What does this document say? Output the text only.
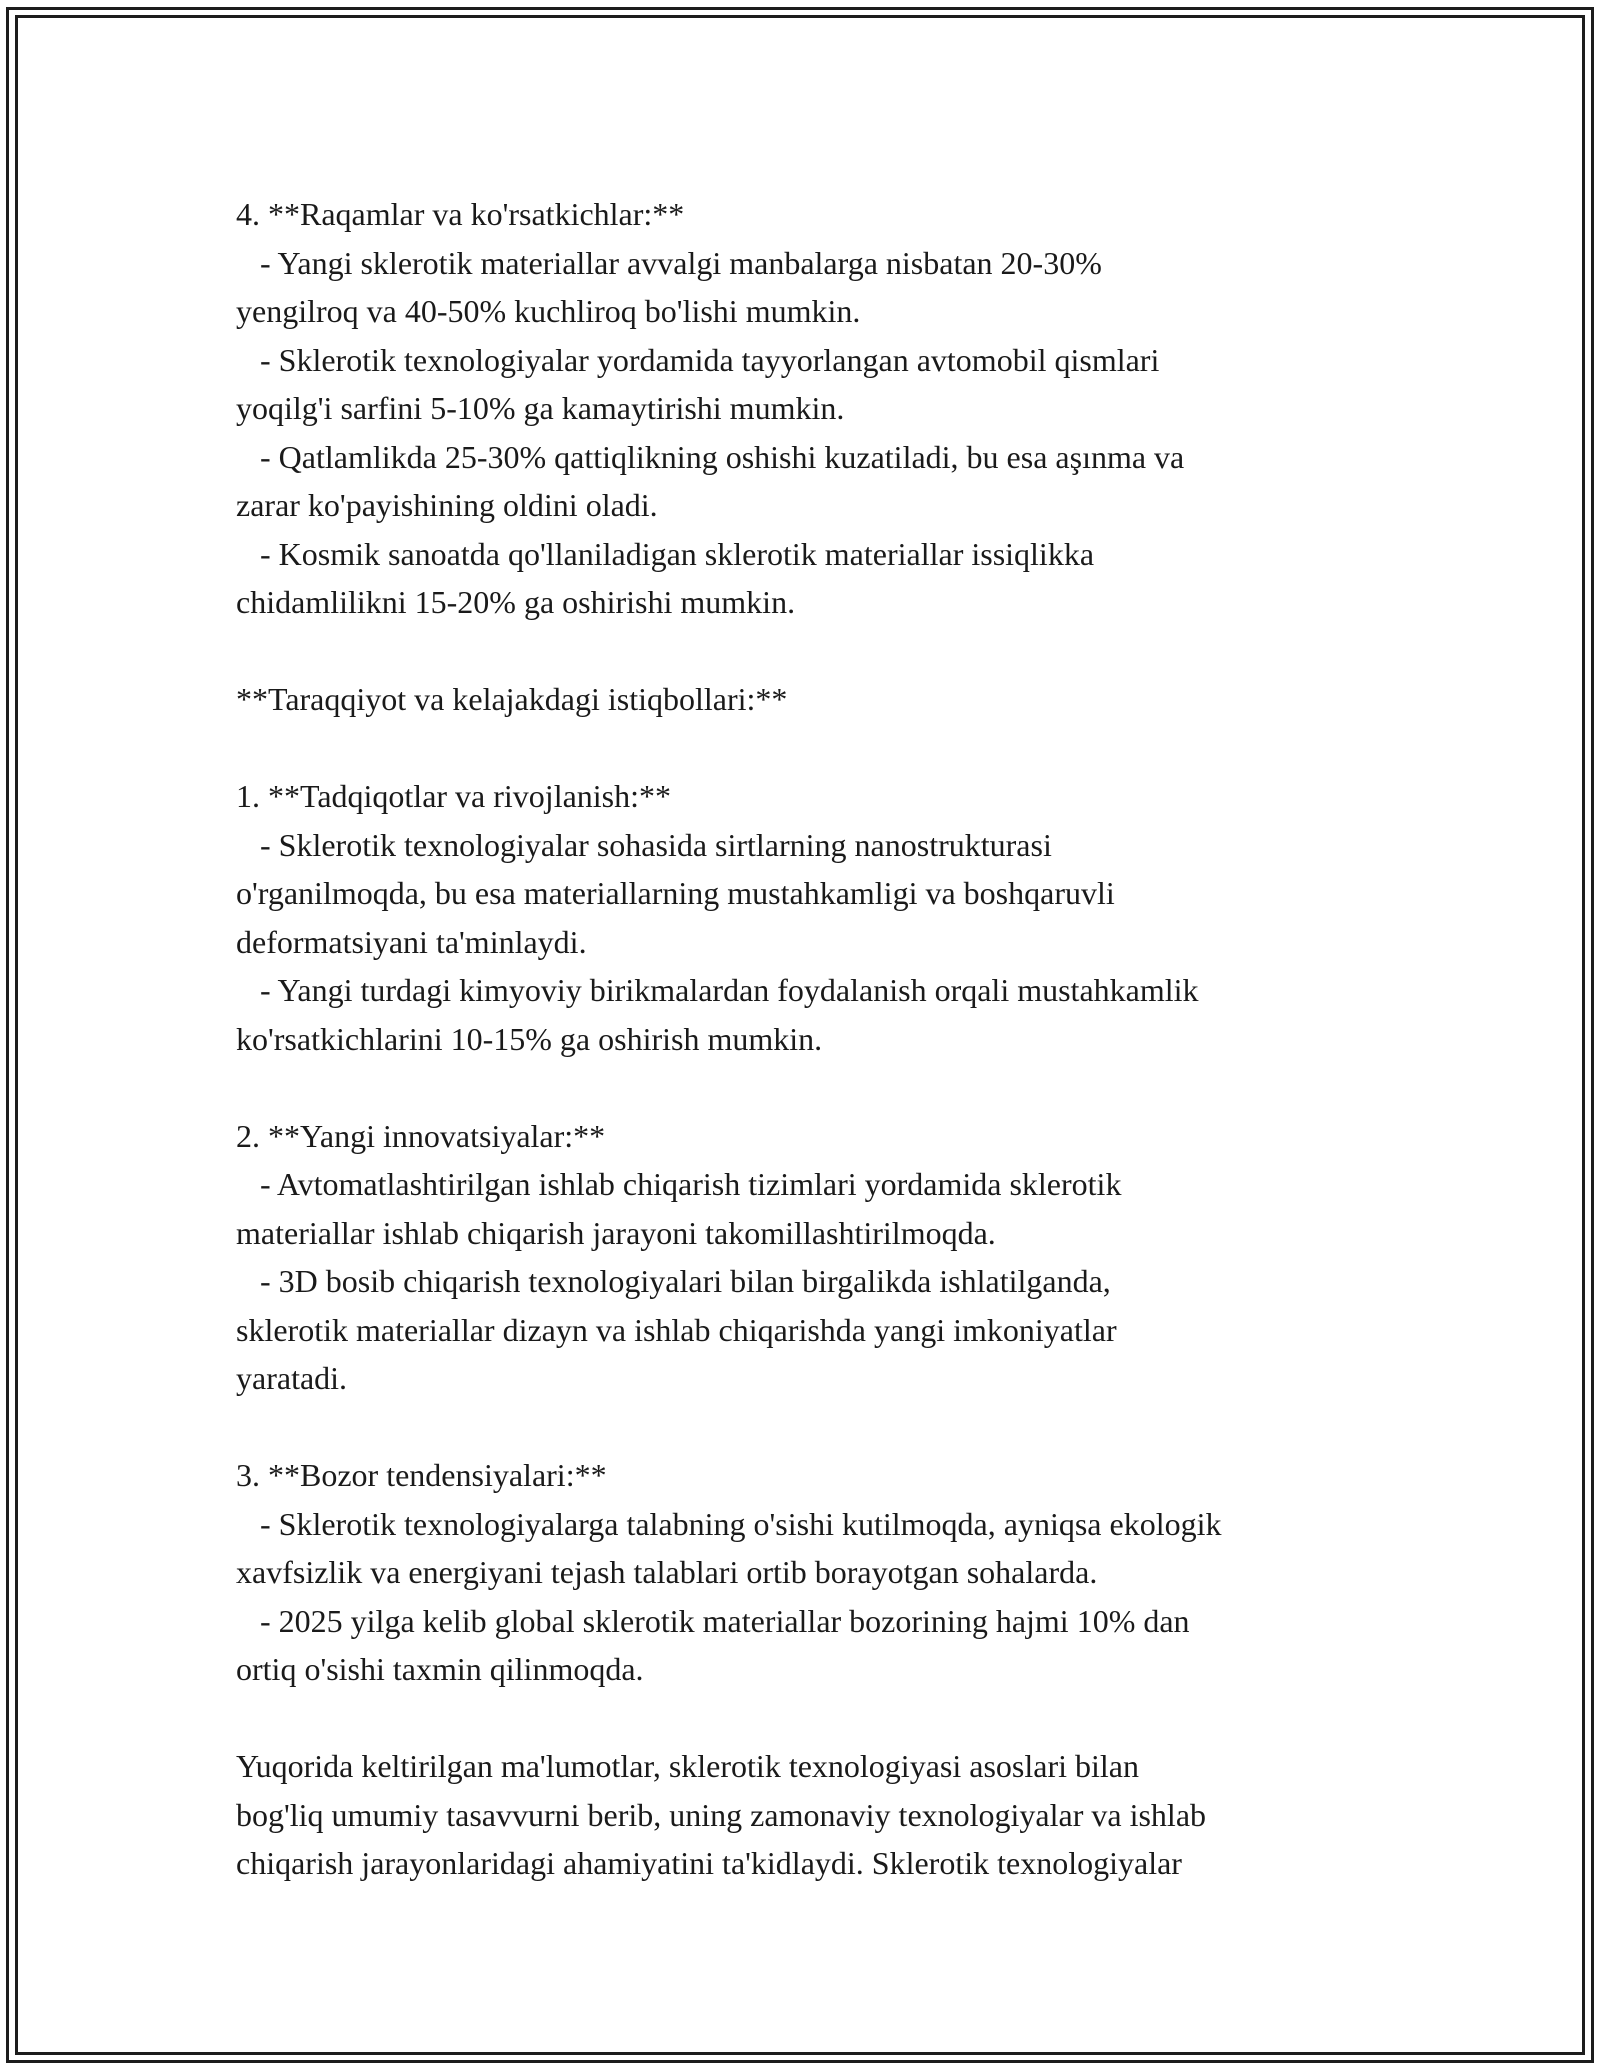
4. **Raqamlar va ko'rsatkichlar:**
- Yangi sklerotik materiallar avvalgi manbalarga nisbatan 20-30%
yengilroq va 40-50% kuchliroq bo'lishi mumkin.
- Sklerotik texnologiyalar yordamida tayyorlangan avtomobil qismlari
yoqilg'i sarfini 5-10% ga kamaytirishi mumkin.
- Qatlamlikda 25-30% qattiqlikning oshishi kuzatiladi, bu esa aşınma va
zarar ko'payishining oldini oladi.
- Kosmik sanoatda qo'llaniladigan sklerotik materiallar issiqlikka
chidamlilikni 15-20% ga oshirishi mumkin.
**Taraqqiyot va kelajakdagi istiqbollari:**
1. **Tadqiqotlar va rivojlanish:**
- Sklerotik texnologiyalar sohasida sirtlarning nanostrukturasi
o'rganilmoqda, bu esa materiallarning mustahkamligi va boshqaruvli
deformatsiyani ta'minlaydi.
- Yangi turdagi kimyoviy birikmalardan foydalanish orqali mustahkamlik
ko'rsatkichlarini 10-15% ga oshirish mumkin.
2. **Yangi innovatsiyalar:**
- Avtomatlashtirilgan ishlab chiqarish tizimlari yordamida sklerotik
materiallar ishlab chiqarish jarayoni takomillashtirilmoqda.
- 3D bosib chiqarish texnologiyalari bilan birgalikda ishlatilganda,
sklerotik materiallar dizayn va ishlab chiqarishda yangi imkoniyatlar
yaratadi.
3. **Bozor tendensiyalari:**
- Sklerotik texnologiyalarga talabning o'sishi kutilmoqda, ayniqsa ekologik
xavfsizlik va energiyani tejash talablari ortib borayotgan sohalarda.
- 2025 yilga kelib global sklerotik materiallar bozorining hajmi 10% dan
ortiq o'sishi taxmin qilinmoqda.
Yuqorida keltirilgan ma'lumotlar, sklerotik texnologiyasi asoslari bilan
bog'liq umumiy tasavvurni berib, uning zamonaviy texnologiyalar va ishlab
chiqarish jarayonlaridagi ahamiyatini ta'kidlaydi. Sklerotik texnologiyalar
